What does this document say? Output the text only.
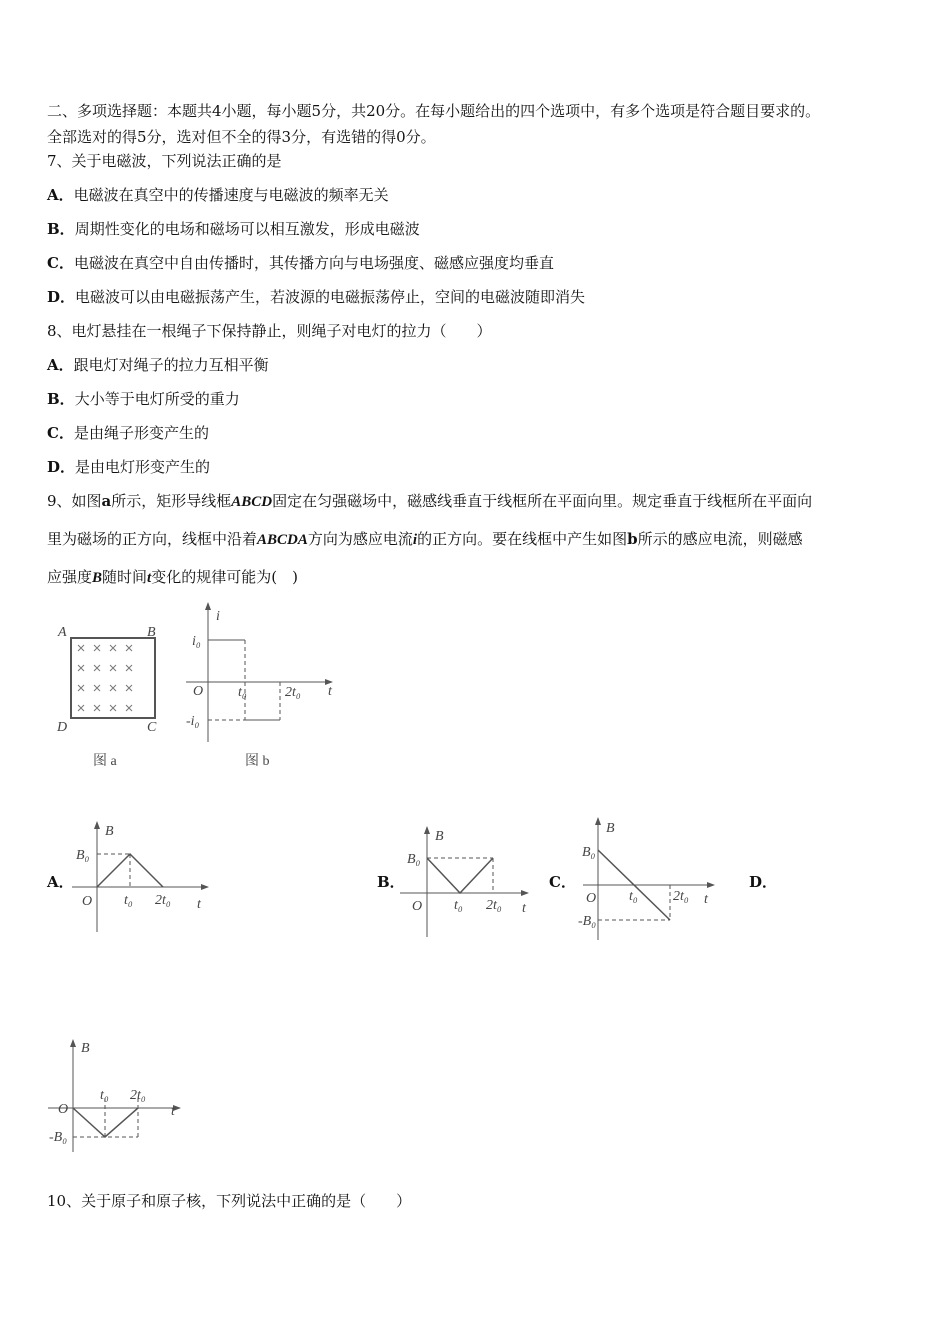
二、多项选择题：本题共4小题，每小题5分，共20分。在每小题给出的四个选项中，有多个选项是符合题目要求的。
全部选对的得5分，选对但不全的得3分，有选错的得0分。
7、关于电磁波，下列说法正确的是
A．电磁波在真空中的传播速度与电磁波的频率无关
B．周期性变化的电场和磁场可以相互激发，形成电磁波
C．电磁波在真空中自由传播时，其传播方向与电场强度、磁感应强度均垂直
D．电磁波可以由电磁振荡产生，若波源的电磁振荡停止，空间的电磁波随即消失
8、电灯悬挂在一根绳子下保持静止，则绳子对电灯的拉力（　　）
A．跟电灯对绳子的拉力互相平衡
B．大小等于电灯所受的重力
C．是由绳子形变产生的
D．是由电灯形变产生的
9、如图a所示，矩形导线框ABCD固定在匀强磁场中，磁感线垂直于线框所在平面向里。规定垂直于线框所在平面向
里为磁场的正方向，线框中沿着ABCDA方向为感应电流i的正方向。要在线框中产生如图b所示的感应电流，则磁感
应强度B随时间t变化的规律可能为(　)
A	B
D	C
图 a
i
t
O
i₀
-i₀
t₀	2t₀
图 b
B
B₀
O t₀ 2t₀ t
B
B₀
O t₀ 2t₀ t
B
B₀
O t₀	2t₀ t
-B₀
B
O
t₀ 2t₀
t
-B₀
A．	B．	C．	D．
10、关于原子和原子核，下列说法中正确的是（　　）
